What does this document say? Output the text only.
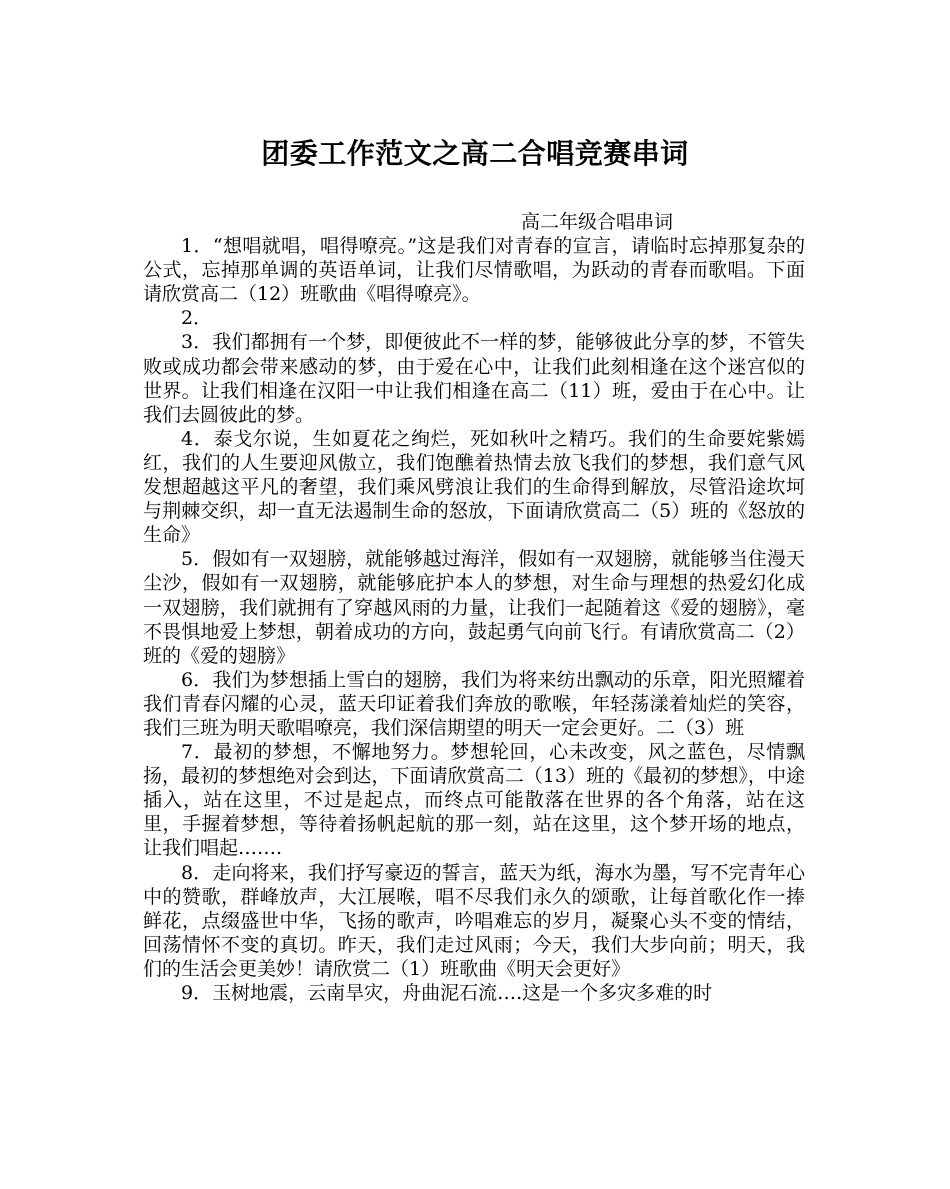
团委工作范文之高二合唱竞赛串词
高二年级合唱串词

1．“想唱就唱，唱得嘹亮。”这是我们对青春的宣言，请临时忘掉那复杂的公式，忘掉那单调的英语单词，让我们尽情歌唱，为跃动的青春而歌唱。下面请欣赏高二（12）班歌曲《唱得嘹亮》。

2．

3．我们都拥有一个梦，即便彼此不一样的梦，能够彼此分享的梦，不管失败或成功都会带来感动的梦，由于爱在心中，让我们此刻相逢在这个迷宫似的世界。让我们相逢在汉阳一中让我们相逢在高二（11）班，爱由于在心中。让我们去圆彼此的梦。

4．泰戈尔说，生如夏花之绚烂，死如秋叶之精巧。我们的生命要姹紫嫣红，我们的人生要迎风傲立，我们饱醮着热情去放飞我们的梦想，我们意气风发想超越这平凡的奢望，我们乘风劈浪让我们的生命得到解放，尽管沿途坎坷与荆棘交织，却一直无法遏制生命的怒放，下面请欣赏高二（5）班的《怒放的生命》

5．假如有一双翅膀，就能够越过海洋，假如有一双翅膀，就能够当住漫天尘沙，假如有一双翅膀，就能够庇护本人的梦想，对生命与理想的热爱幻化成一双翅膀，我们就拥有了穿越风雨的力量，让我们一起随着这《爱的翅膀》，毫不畏惧地爱上梦想，朝着成功的方向，鼓起勇气向前飞行。有请欣赏高二（2）班的《爱的翅膀》

6．我们为梦想插上雪白的翅膀，我们为将来纺出飘动的乐章，阳光照耀着我们青春闪耀的心灵，蓝天印证着我们奔放的歌喉，年轻荡漾着灿烂的笑容，我们三班为明天歌唱嘹亮，我们深信期望的明天一定会更好。二（3）班

7．最初的梦想，不懈地努力。梦想轮回，心未改变，风之蓝色，尽情飘扬，最初的梦想绝对会到达，下面请欣赏高二（13）班的《最初的梦想》，中途插入，站在这里，不过是起点，而终点可能散落在世界的各个角落，站在这里，手握着梦想，等待着扬帆起航的那一刻，站在这里，这个梦开场的地点，让我们唱起…….

8．走向将来，我们抒写豪迈的誓言，蓝天为纸，海水为墨，写不完青年心中的赞歌，群峰放声，大江展喉，唱不尽我们永久的颂歌，让每首歌化作一捧鲜花，点缀盛世中华，飞扬的歌声，吟唱难忘的岁月，凝聚心头不变的情结，回荡情怀不变的真切。昨天，我们走过风雨；今天，我们大步向前；明天，我们的生活会更美妙！请欣赏二（1）班歌曲《明天会更好》

9．玉树地震，云南旱灾，舟曲泥石流….这是一个多灾多难的时
